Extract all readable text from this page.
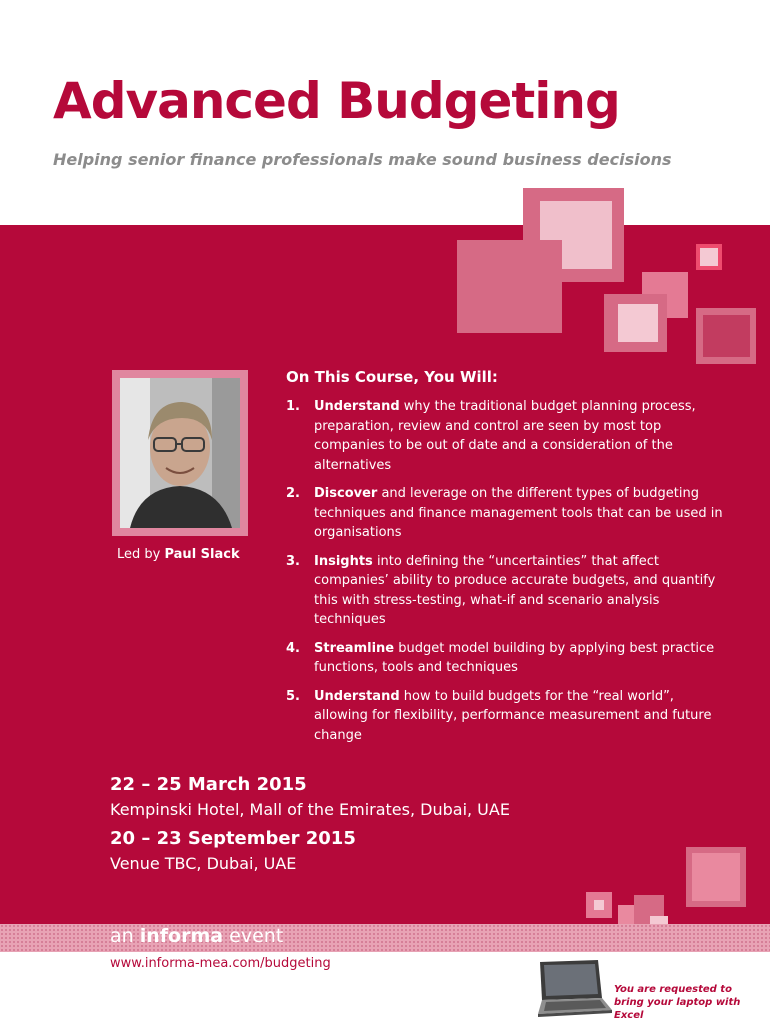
Advanced Budgeting
Helping senior finance professionals make sound business decisions
Led by Paul Slack
On This Course, You Will:
1. Understand why the traditional budget planning process, preparation, review and control are seen by most top companies to be out of date and a consideration of the alternatives
2. Discover and leverage on the different types of budgeting techniques and finance management tools that can be used in organisations
3. Insights into defining the “uncertainties” that affect companies’ ability to produce accurate budgets, and quantify this with stress-testing, what-if and scenario analysis techniques
4. Streamline budget model building by applying best practice functions, tools and techniques
5. Understand how to build budgets for the “real world”, allowing for flexibility, performance measurement and future change
22 – 25 March 2015
Kempinski Hotel, Mall of the Emirates, Dubai, UAE
20 – 23 September 2015
Venue TBC, Dubai, UAE
an informa event
www.informa-mea.com/budgeting
You are requested to bring your laptop with Excel
